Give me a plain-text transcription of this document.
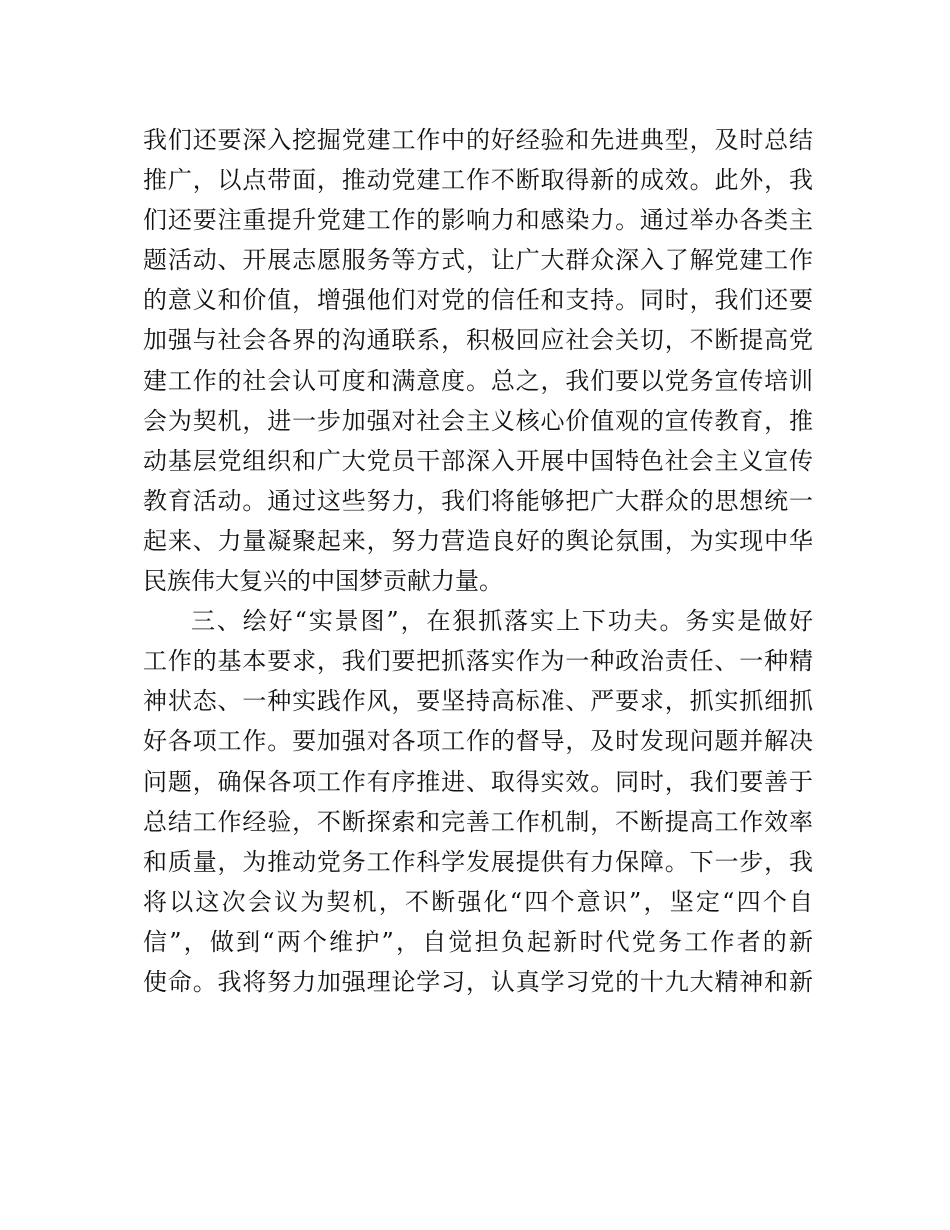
我们还要深入挖掘党建工作中的好经验和先进典型，及时总结
推广，以点带面，推动党建工作不断取得新的成效。此外，我
们还要注重提升党建工作的影响力和感染力。通过举办各类主
题活动、开展志愿服务等方式，让广大群众深入了解党建工作
的意义和价值，增强他们对党的信任和支持。同时，我们还要
加强与社会各界的沟通联系，积极回应社会关切，不断提高党
建工作的社会认可度和满意度。总之，我们要以党务宣传培训
会为契机，进一步加强对社会主义核心价值观的宣传教育，推
动基层党组织和广大党员干部深入开展中国特色社会主义宣传
教育活动。通过这些努力，我们将能够把广大群众的思想统一
起来、力量凝聚起来，努力营造良好的舆论氛围，为实现中华
民族伟大复兴的中国梦贡献力量。
三、绘好“实景图”，在狠抓落实上下功夫。务实是做好
工作的基本要求，我们要把抓落实作为一种政治责任、一种精
神状态、一种实践作风，要坚持高标准、严要求，抓实抓细抓
好各项工作。要加强对各项工作的督导，及时发现问题并解决
问题，确保各项工作有序推进、取得实效。同时，我们要善于
总结工作经验，不断探索和完善工作机制，不断提高工作效率
和质量，为推动党务工作科学发展提供有力保障。下一步，我
将以这次会议为契机，不断强化“四个意识”，坚定“四个自
信”，做到“两个维护”，自觉担负起新时代党务工作者的新
使命。我将努力加强理论学习，认真学习党的十九大精神和新
